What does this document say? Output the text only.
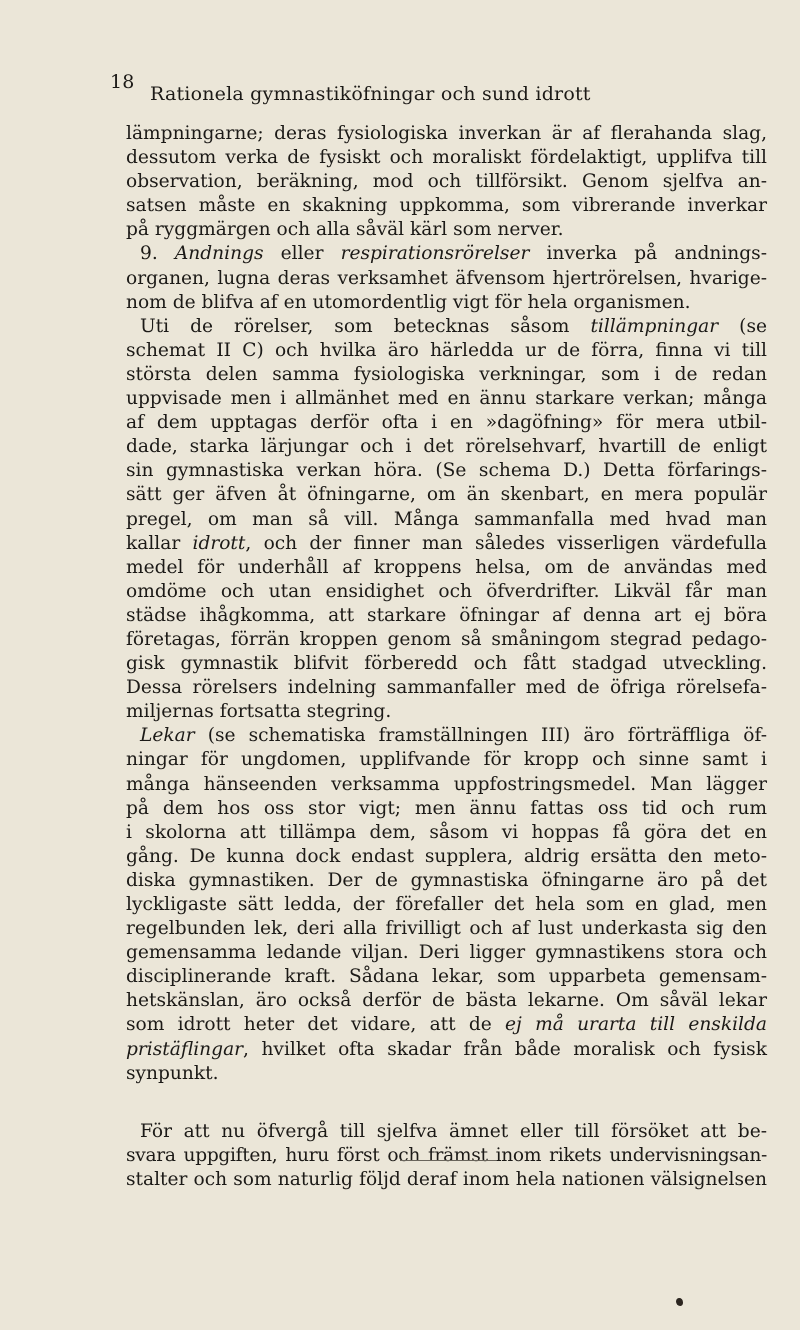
18
Rationela gymnastiköfningar och sund idrott
lämpningarne; deras fysiologiska inverkan är af flerahanda slag,
dessutom verka de fysiskt och moraliskt fördelaktigt, upplifva till
observation, beräkning, mod och tillförsikt. Genom sjelfva an-
satsen måste en skakning uppkomma, som vibrerande inverkar
på ryggmärgen och alla såväl kärl som nerver.
9. Andnings eller respirationsrörelser inverka på andnings-
organen, lugna deras verksamhet äfvensom hjertrörelsen, hvarige-
nom de blifva af en utomordentlig vigt för hela organismen.
Uti de rörelser, som betecknas såsom tillämpningar (se
schemat II C) och hvilka äro härledda ur de förra, finna vi till
största delen samma fysiologiska verkningar, som i de redan
uppvisade men i allmänhet med en ännu starkare verkan; många
af dem upptagas derför ofta i en »dagöfning» för mera utbil-
dade, starka lärjungar och i det rörelsehvarf, hvartill de enligt
sin gymnastiska verkan höra. (Se schema D.) Detta förfarings-
sätt ger äfven åt öfningarne, om än skenbart, en mera populär
pregel, om man så vill. Många sammanfalla med hvad man
kallar idrott, och der finner man således visserligen värdefulla
medel för underhåll af kroppens helsa, om de användas med
omdöme och utan ensidighet och öfverdrifter. Likväl får man
städse ihågkomma, att starkare öfningar af denna art ej böra
företagas, förrän kroppen genom så småningom stegrad pedago-
gisk gymnastik blifvit förberedd och fått stadgad utveckling.
Dessa rörelsers indelning sammanfaller med de öfriga rörelsefa-
miljernas fortsatta stegring.
Lekar (se schematiska framställningen III) äro förträffliga öf-
ningar för ungdomen, upplifvande för kropp och sinne samt i
många hänseenden verksamma uppfostringsmedel. Man lägger
på dem hos oss stor vigt; men ännu fattas oss tid och rum
i skolorna att tillämpa dem, såsom vi hoppas få göra det en
gång. De kunna dock endast supplera, aldrig ersätta den meto-
diska gymnastiken. Der de gymnastiska öfningarne äro på det
lyckligaste sätt ledda, der förefaller det hela som en glad, men
regelbunden lek, deri alla frivilligt och af lust underkasta sig den
gemensamma ledande viljan. Deri ligger gymnastikens stora och
disciplinerande kraft. Sådana lekar, som upparbeta gemensam-
hetskänslan, äro också derför de bästa lekarne. Om såväl lekar
som idrott heter det vidare, att de ej må urarta till enskilda
pristäflingar, hvilket ofta skadar från både moralisk och fysisk
synpunkt.
För att nu öfvergå till sjelfva ämnet eller till försöket att be-
svara uppgiften, huru först och främst inom rikets undervisningsan-
stalter och som naturlig följd deraf inom hela nationen välsignelsen
